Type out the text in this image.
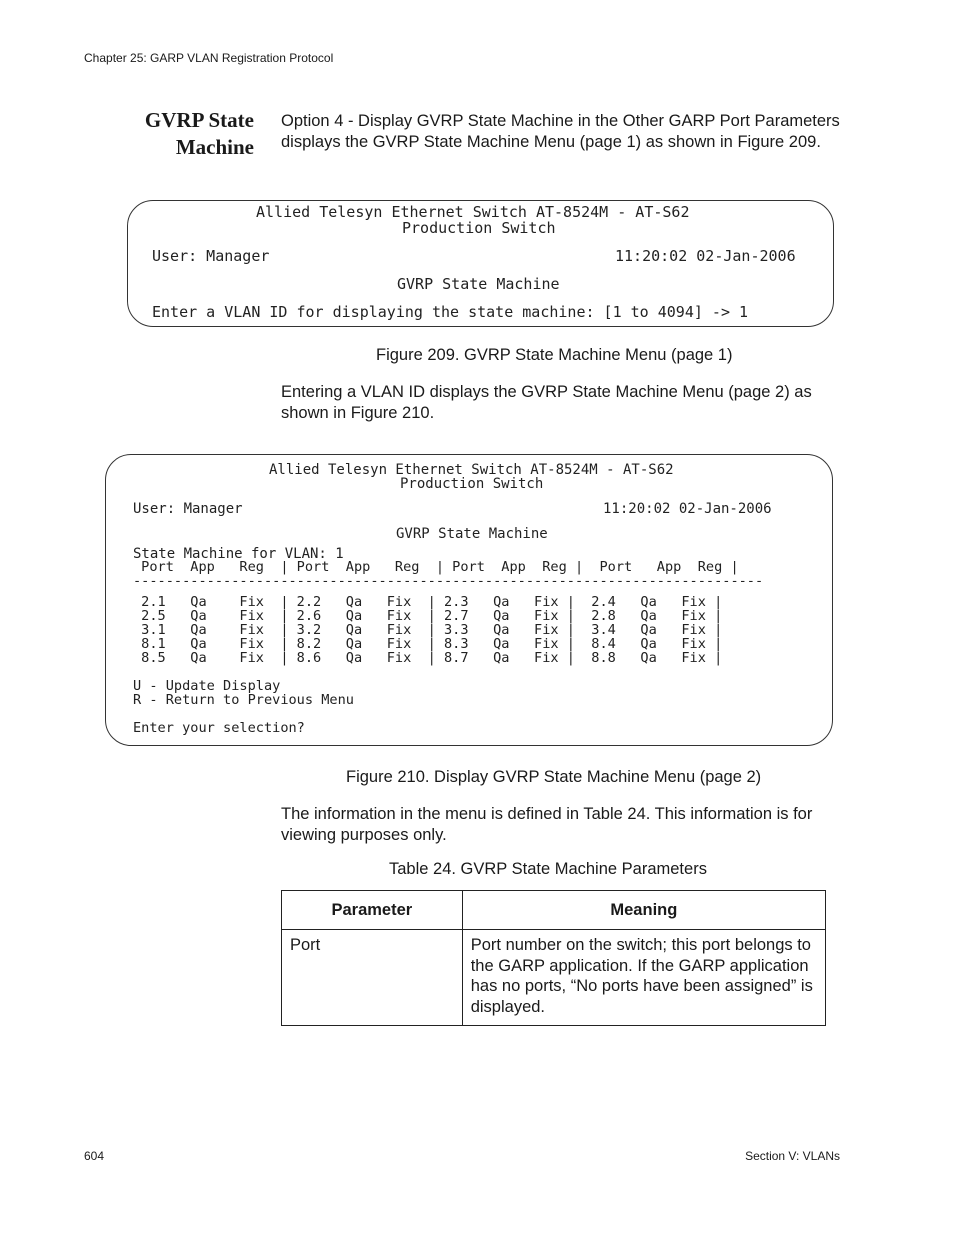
Chapter 25: GARP VLAN Registration Protocol
GVRP State
Machine
Option 4 - Display GVRP State Machine in the Other GARP Port Parameters displays the GVRP State Machine Menu (page 1) as shown in Figure 209.
Allied Telesyn Ethernet Switch AT-8524M - AT-S62
Production Switch
User: Manager	11:20:02 02-Jan-2006
GVRP State Machine
Enter a VLAN ID for displaying the state machine: [1 to 4094] -> 1
Figure 209. GVRP State Machine Menu (page 1)
Entering a VLAN ID displays the GVRP State Machine Menu (page 2) as shown in Figure 210.
Allied Telesyn Ethernet Switch AT-8524M - AT-S62
Production Switch
User: Manager	11:20:02 02-Jan-2006
GVRP State Machine
State Machine for VLAN: 1
Port  App   Reg  | Port  App   Reg  | Port  App  Reg |  Port   App  Reg |
-----------------------------------------------------------------------------
2.1   Qa    Fix  | 2.2   Qa   Fix  | 2.3   Qa   Fix |  2.4   Qa   Fix |
2.5   Qa    Fix  | 2.6   Qa   Fix  | 2.7   Qa   Fix |  2.8   Qa   Fix |
3.1   Qa    Fix  | 3.2   Qa   Fix  | 3.3   Qa   Fix |  3.4   Qa   Fix |
8.1   Qa    Fix  | 8.2   Qa   Fix  | 8.3   Qa   Fix |  8.4   Qa   Fix |
8.5   Qa    Fix  | 8.6   Qa   Fix  | 8.7   Qa   Fix |  8.8   Qa   Fix |
U - Update Display
R - Return to Previous Menu
Enter your selection?
Figure 210. Display GVRP State Machine Menu (page 2)
The information in the menu is defined in Table 24. This information is for viewing purposes only.
Table 24. GVRP State Machine Parameters
Parameter	Meaning
Port	Port number on the switch; this port belongs to the GARP application. If the GARP application has no ports, “No ports have been assigned” is displayed.
604	Section V: VLANs
